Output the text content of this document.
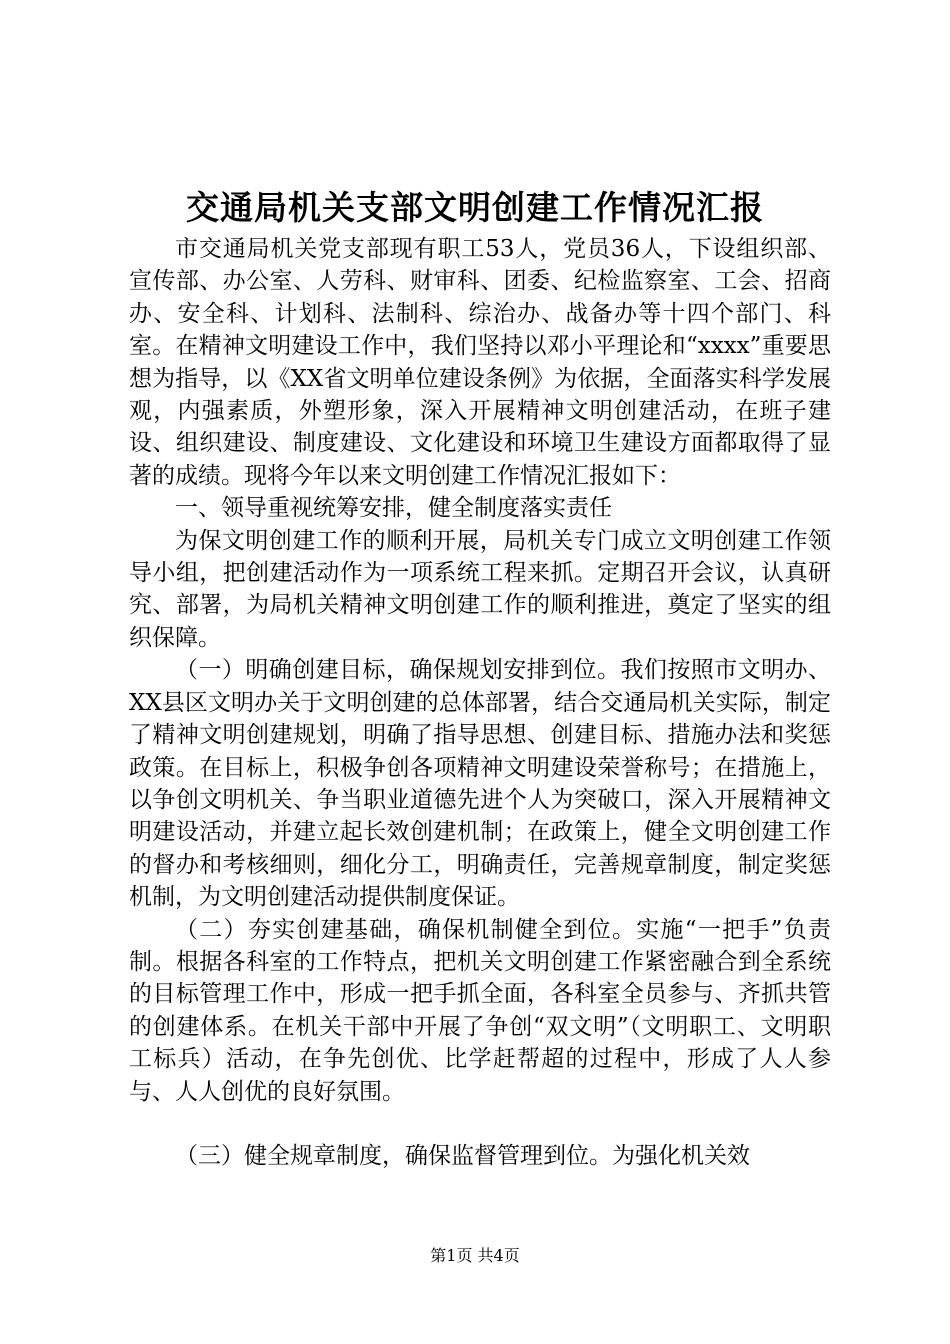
交通局机关支部文明创建工作情况汇报

市交通局机关党支部现有职工53人，党员36人，下设组织部、宣传部、办公室、人劳科、财审科、团委、纪检监察室、工会、招商办、安全科、计划科、法制科、综治办、战备办等十四个部门、科室。在精神文明建设工作中，我们坚持以邓小平理论和“xxxx”重要思想为指导，以《XX省文明单位建设条例》为依据，全面落实科学发展观，内强素质，外塑形象，深入开展精神文明创建活动，在班子建设、组织建设、制度建设、文化建设和环境卫生建设方面都取得了显著的成绩。现将今年以来文明创建工作情况汇报如下：

一、领导重视统筹安排，健全制度落实责任

为保文明创建工作的顺利开展，局机关专门成立文明创建工作领导小组，把创建活动作为一项系统工程来抓。定期召开会议，认真研究、部署，为局机关精神文明创建工作的顺利推进，奠定了坚实的组织保障。

（一）明确创建目标，确保规划安排到位。我们按照市文明办、XX县区文明办关于文明创建的总体部署，结合交通局机关实际，制定了精神文明创建规划，明确了指导思想、创建目标、措施办法和奖惩政策。在目标上，积极争创各项精神文明建设荣誉称号；在措施上，以争创文明机关、争当职业道德先进个人为突破口，深入开展精神文明建设活动，并建立起长效创建机制；在政策上，健全文明创建工作的督办和考核细则，细化分工，明确责任，完善规章制度，制定奖惩机制，为文明创建活动提供制度保证。

（二）夯实创建基础，确保机制健全到位。实施“一把手”负责制。根据各科室的工作特点，把机关文明创建工作紧密融合到全系统的目标管理工作中，形成一把手抓全面，各科室全员参与、齐抓共管的创建体系。在机关干部中开展了争创“双文明”（文明职工、文明职工标兵）活动，在争先创优、比学赶帮超的过程中，形成了人人参与、人人创优的良好氛围。

（三）健全规章制度，确保监督管理到位。为强化机关效

第1页 共4页
